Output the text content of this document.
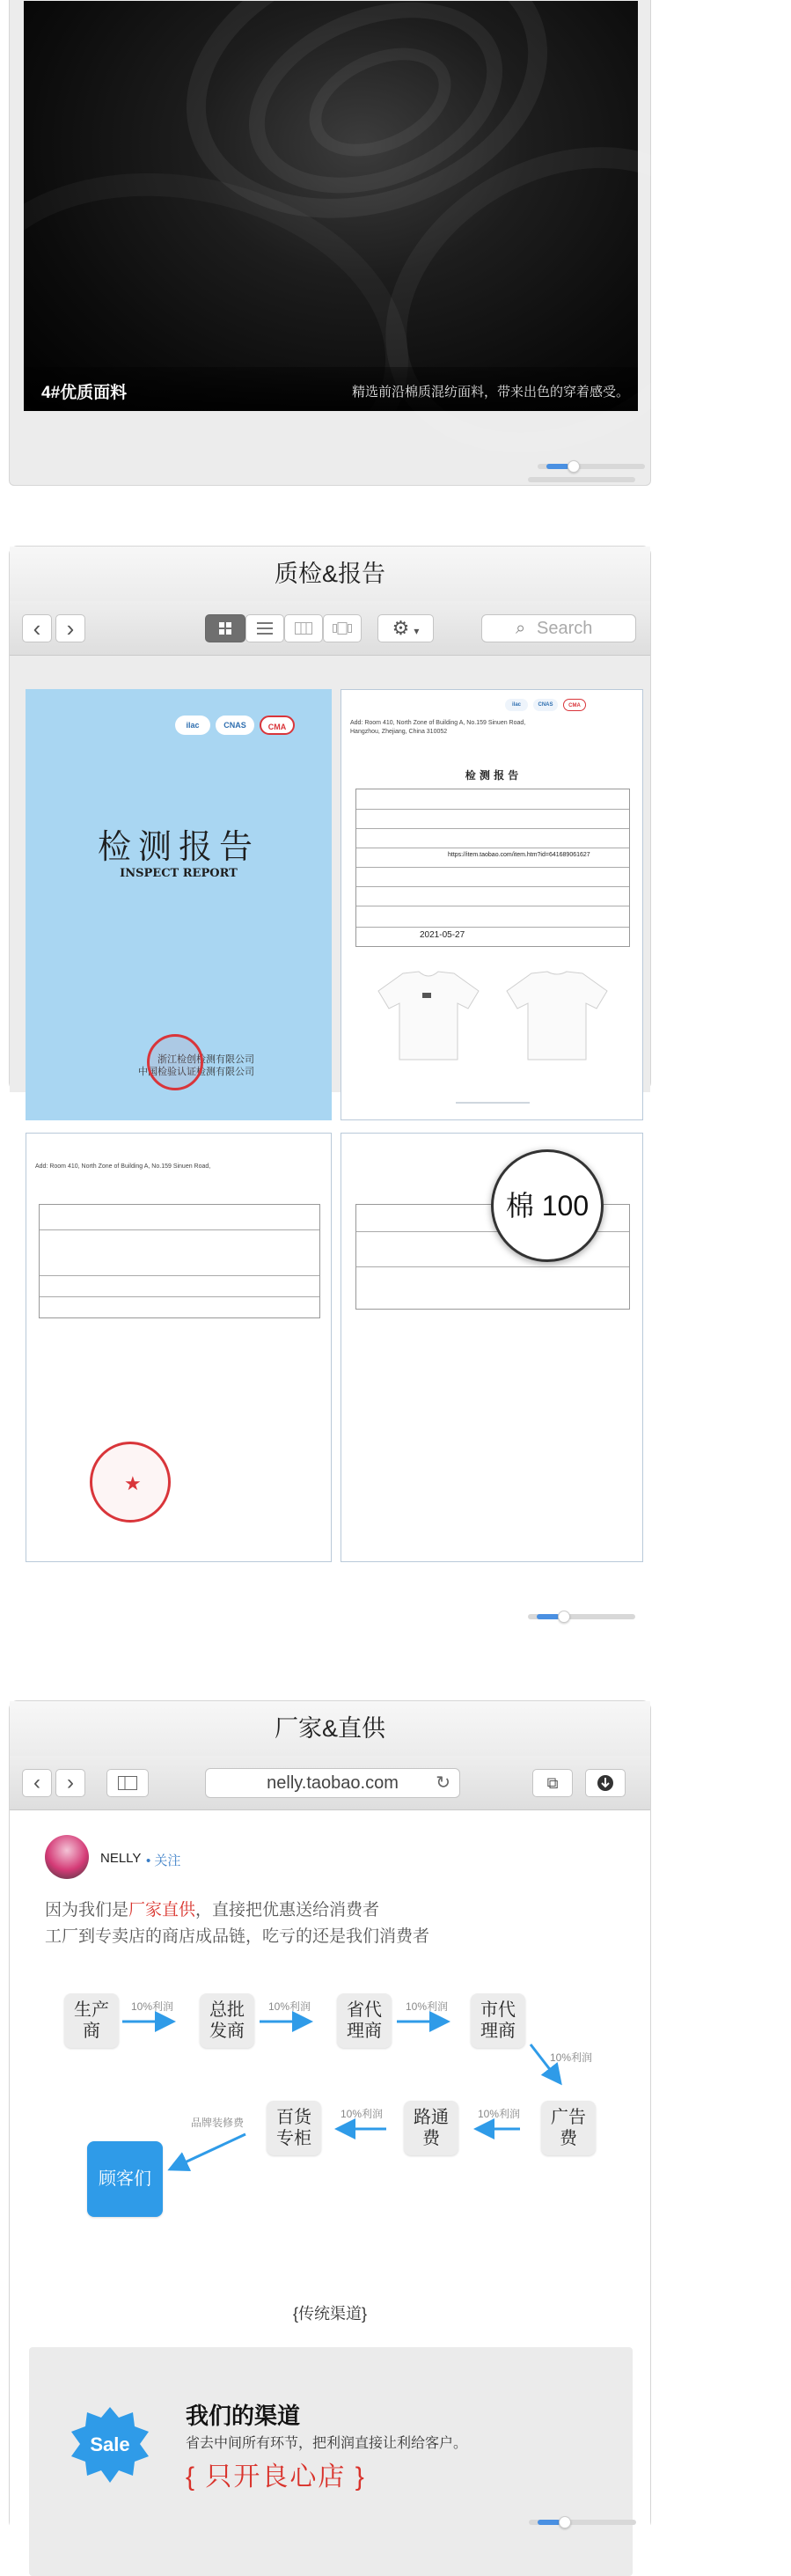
4#优质面料	精选前沿棉质混纺面料，带来出色的穿着感受。
质检&报告
‹	›	⚙ ▾	⌕ Search
ilac	CNAS	CMA
检测报告
INSPECT REPORT
浙江检创检测有限公司
中国检验认证检测有限公司
ilac	CNAS	CMA
Add: Room 410, North Zone of Building A, No.159 Sinuen Road,
Hangzhou, Zhejiang, China 310052
检 测 报 告
https://item.taobao.com/item.htm?id=641689061627
2021-05-27
Add: Room 410, North Zone of Building A, No.159 Sinuen Road,
★
棉 100
厂家&直供
‹	›	nelly.taobao.com ↻	⧉
NELLY • 关注
因为我们是厂家直供，直接把优惠送给消费者
工厂到专卖店的商店成品链，吃亏的还是我们消费者
生产商
总批发商
省代理商
市代理商
广告费
路通费
百货专柜
顾客们
10%利润	10%利润	10%利润
10%利润
10%利润
10%利润
品牌装修费
{传统渠道}
Sale
我们的渠道
省去中间所有环节，把利润直接让利给客户。
{ 只开良心店 }
